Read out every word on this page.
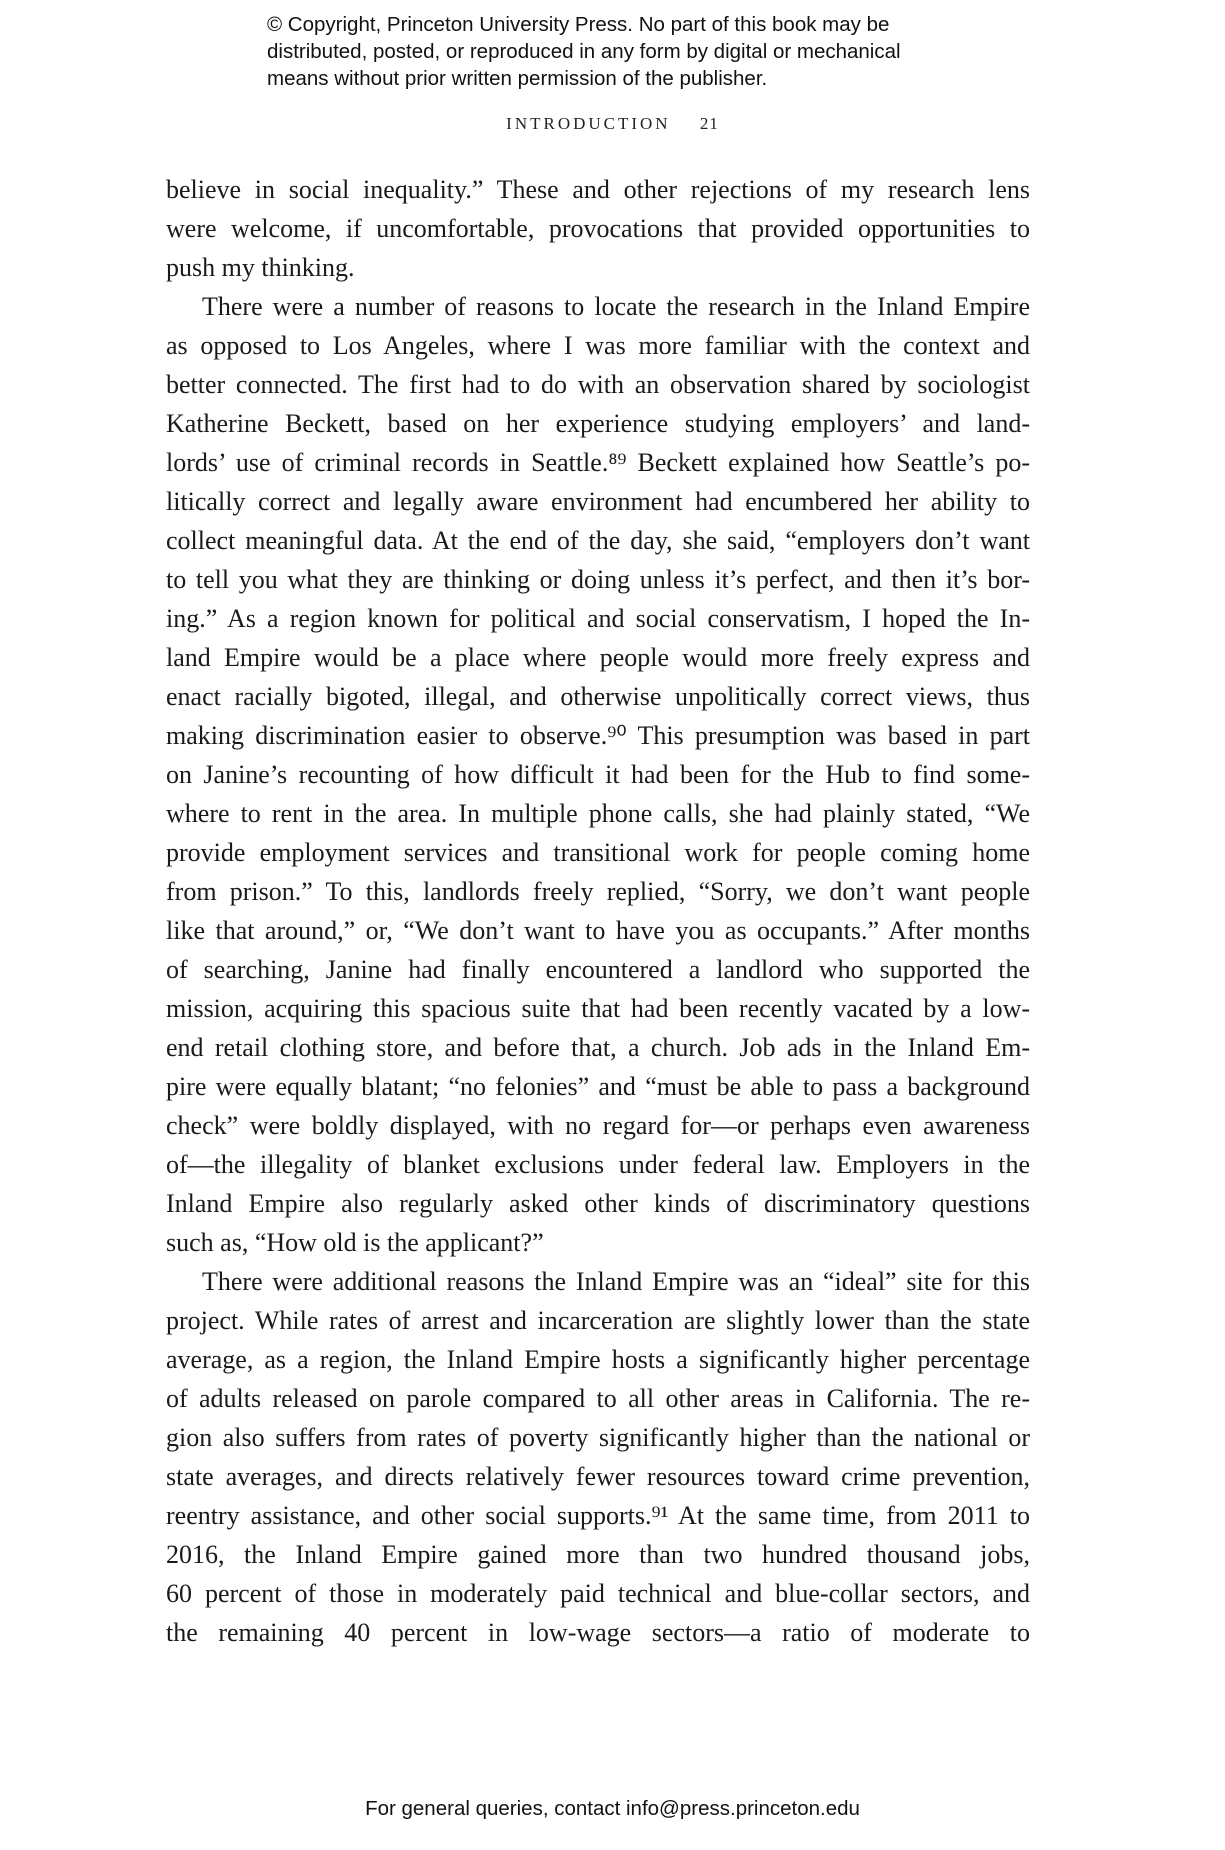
© Copyright, Princeton University Press. No part of this book may be
distributed, posted, or reproduced in any form by digital or mechanical
means without prior written permission of the publisher.
INTRODUCTION 21
believe in social inequality.” These and other rejections of my research lens
were welcome, if uncomfortable, provocations that provided opportunities to
push my thinking.
There were a number of reasons to locate the research in the Inland Empire
as opposed to Los Angeles, where I was more familiar with the context and
better connected. The first had to do with an observation shared by sociologist
Katherine Beckett, based on her experience studying employers’ and land-
lords’ use of criminal records in Seattle.⁸⁹ Beckett explained how Seattle’s po-
litically correct and legally aware environment had encumbered her ability to
collect meaningful data. At the end of the day, she said, “employers don’t want
to tell you what they are thinking or doing unless it’s perfect, and then it’s bor-
ing.” As a region known for political and social conservatism, I hoped the In-
land Empire would be a place where people would more freely express and
enact racially bigoted, illegal, and otherwise unpolitically correct views, thus
making discrimination easier to observe.⁹⁰ This presumption was based in part
on Janine’s recounting of how difficult it had been for the Hub to find some-
where to rent in the area. In multiple phone calls, she had plainly stated, “We
provide employment services and transitional work for people coming home
from prison.” To this, landlords freely replied, “Sorry, we don’t want people
like that around,” or, “We don’t want to have you as occupants.” After months
of searching, Janine had finally encountered a landlord who supported the
mission, acquiring this spacious suite that had been recently vacated by a low-
end retail clothing store, and before that, a church. Job ads in the Inland Em-
pire were equally blatant; “no felonies” and “must be able to pass a background
check” were boldly displayed, with no regard for—or perhaps even awareness
of—the illegality of blanket exclusions under federal law. Employers in the
Inland Empire also regularly asked other kinds of discriminatory questions
such as, “How old is the applicant?”
There were additional reasons the Inland Empire was an “ideal” site for this
project. While rates of arrest and incarceration are slightly lower than the state
average, as a region, the Inland Empire hosts a significantly higher percentage
of adults released on parole compared to all other areas in California. The re-
gion also suffers from rates of poverty significantly higher than the national or
state averages, and directs relatively fewer resources toward crime prevention,
reentry assistance, and other social supports.⁹¹ At the same time, from 2011 to
2016, the Inland Empire gained more than two hundred thousand jobs,
60 percent of those in moderately paid technical and blue-collar sectors, and
the remaining 40 percent in low-wage sectors—a ratio of moderate to
For general queries, contact info@press.princeton.edu
